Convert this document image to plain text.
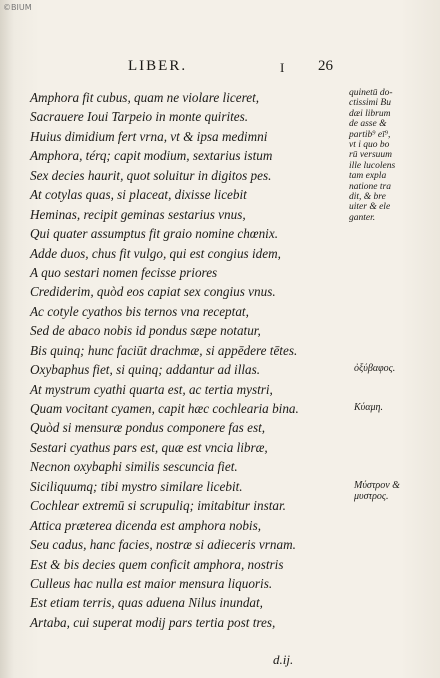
©BIUM
LIBER.	I 26
Amphora fit cubus, quam ne violare liceret,
Sacrauere Ioui Tarpeio in monte quirites.
Huius dimidium fert vrna, vt & ipsa medimni
Amphora, térq; capit modium, sextarius istum
Sex decies haurit, quot soluitur in digitos pes.
At cotylas quas, si placeat, dixisse licebit
Heminas, recipit geminas sestarius vnus,
Qui quater assumptus fit graio nomine chœnix.
Adde duos, chus fit vulgo, qui est congius idem,
A quo sestari nomen fecisse priores
Crediderim, quòd eos capiat sex congius vnus.
Ac cotyle cyathos bis ternos vna receptat,
Sed de abaco nobis id pondus sæpe notatur,
Bis quinq; hunc faciūt drachmæ, si appēdere tētes.
Oxybaphus fiet, si quinq; addantur ad illas.
At mystrum cyathi quarta est, ac tertia mystri,
Quam vocitant cyamen, capit hæc cochlearia bina.
Quòd si mensuræ pondus componere fas est,
Sestari cyathus pars est, quæ est vncia libræ,
Necnon oxybaphi similis sescuncia fiet.
Siciliquumq; tibi mystro similare licebit.
Cochlear extremū si scrupuliq; imitabitur instar.
Attica præterea dicenda est amphora nobis,
Seu cadus, hanc facies, nostræ si adieceris vrnam.
Est & bis decies quem conficit amphora, nostris
Culleus hac nulla est maior mensura liquoris.
Est etiam terris, quas aduena Nilus inundat,
Artaba, cui superat modij pars tertia post tres,
quinetū do-
ctissimi Bu
dæi librum
de asse &
partib⁹ eī⁹,
vt i quo bo
rū versuum
ille lucolens
tam expla
natione tra
dit, & bre
uiter & ele
ganter.
ὀξύβαφος.
Κύαμη.
Μύστρον &
μυστρος.
d.ij.
